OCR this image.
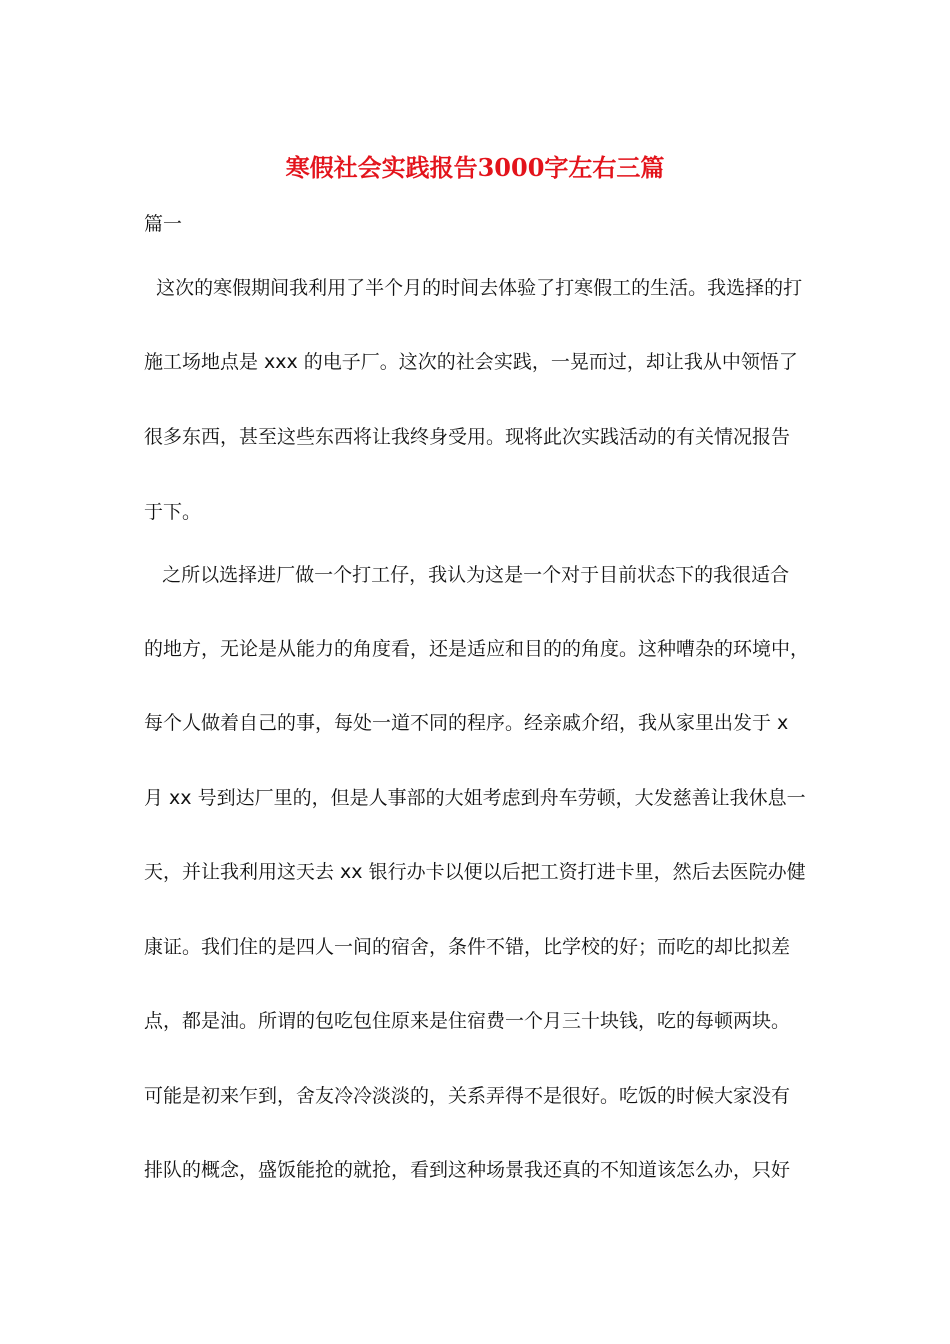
寒假社会实践报告3000字左右三篇

篇一

这次的寒假期间我利用了半个月的时间去体验了打寒假工的生活。我选择的打

施工场地点是 xxx 的电子厂。这次的社会实践，一晃而过，却让我从中领悟了

很多东西，甚至这些东西将让我终身受用。现将此次实践活动的有关情况报告

于下。

之所以选择进厂做一个打工仔，我认为这是一个对于目前状态下的我很适合

的地方，无论是从能力的角度看，还是适应和目的的角度。这种嘈杂的环境中，

每个人做着自己的事，每处一道不同的程序。经亲戚介绍，我从家里出发于 x

月 xx 号到达厂里的，但是人事部的大姐考虑到舟车劳顿，大发慈善让我休息一

天，并让我利用这天去 xx 银行办卡以便以后把工资打进卡里，然后去医院办健

康证。我们住的是四人一间的宿舍，条件不错，比学校的好；而吃的却比拟差

点，都是油。所谓的包吃包住原来是住宿费一个月三十块钱，吃的每顿两块。

可能是初来乍到，舍友冷冷淡淡的，关系弄得不是很好。吃饭的时候大家没有

排队的概念，盛饭能抢的就抢，看到这种场景我还真的不知道该怎么办，只好
